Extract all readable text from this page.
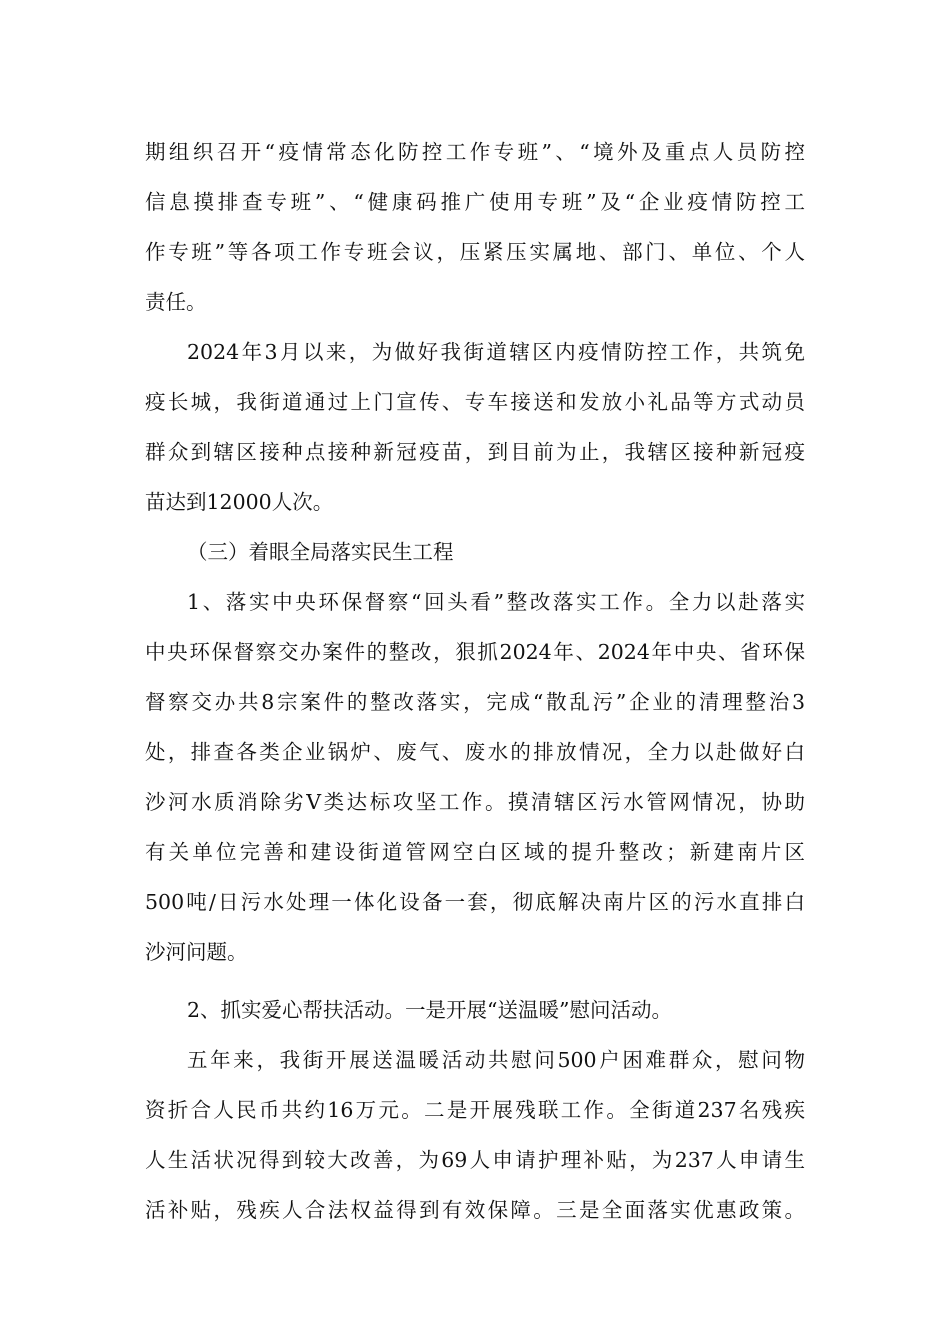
期组织召开“疫情常态化防控工作专班”、“境外及重点人员防控
信息摸排查专班”、“健康码推广使用专班”及“企业疫情防控工
作专班”等各项工作专班会议，压紧压实属地、部门、单位、个人
责任。
2024年3月以来，为做好我街道辖区内疫情防控工作，共筑免
疫长城，我街道通过上门宣传、专车接送和发放小礼品等方式动员
群众到辖区接种点接种新冠疫苗，到目前为止，我辖区接种新冠疫
苗达到12000人次。
（三）着眼全局落实民生工程
1、落实中央环保督察“回头看”整改落实工作。全力以赴落实
中央环保督察交办案件的整改，狠抓2024年、2024年中央、省环保
督察交办共8宗案件的整改落实，完成“散乱污”企业的清理整治3
处，排查各类企业锅炉、废气、废水的排放情况，全力以赴做好白
沙河水质消除劣Ⅴ类达标攻坚工作。摸清辖区污水管网情况，协助
有关单位完善和建设街道管网空白区域的提升整改；新建南片区
500吨/日污水处理一体化设备一套，彻底解决南片区的污水直排白
沙河问题。
2、抓实爱心帮扶活动。一是开展“送温暖”慰问活动。
五年来，我街开展送温暖活动共慰问500户困难群众，慰问物
资折合人民币共约16万元。二是开展残联工作。全街道237名残疾
人生活状况得到较大改善，为69人申请护理补贴，为237人申请生
活补贴，残疾人合法权益得到有效保障。三是全面落实优惠政策。
